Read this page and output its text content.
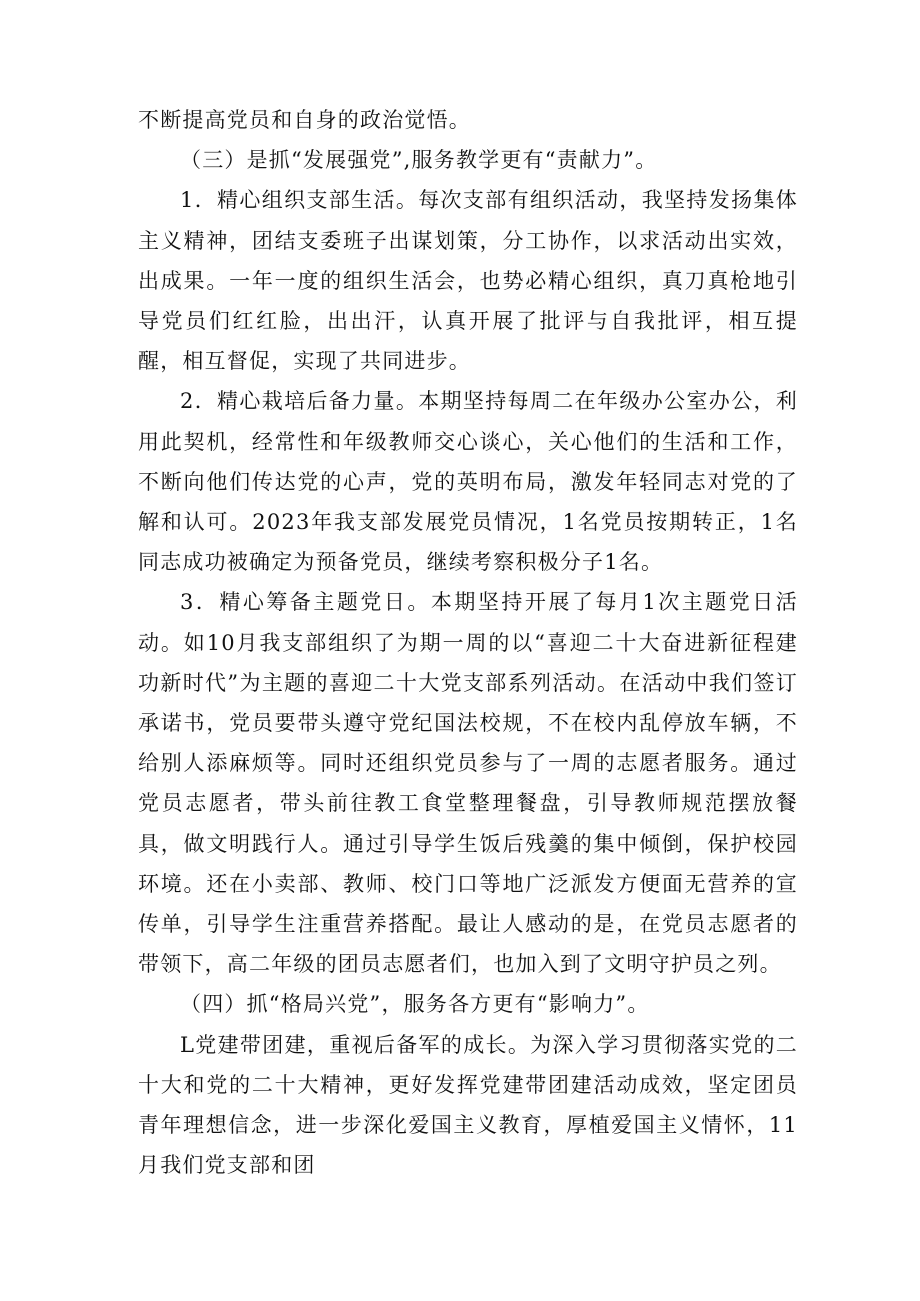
不断提高党员和自身的政治觉悟。

（三）是抓“发展强党”,服务教学更有“责献力”。

1．精心组织支部生活。每次支部有组织活动，我坚持发扬集体主义精神，团结支委班子出谋划策，分工协作，以求活动出实效，出成果。一年一度的组织生活会，也势必精心组织，真刀真枪地引导党员们红红脸，出出汗，认真开展了批评与自我批评，相互提醒，相互督促，实现了共同进步。

2．精心栽培后备力量。本期坚持每周二在年级办公室办公，利用此契机，经常性和年级教师交心谈心，关心他们的生活和工作，不断向他们传达党的心声，党的英明布局，激发年轻同志对党的了解和认可。2023年我支部发展党员情况，1名党员按期转正，1名同志成功被确定为预备党员，继续考察积极分子1名。

3．精心筹备主题党日。本期坚持开展了每月1次主题党日活动。如10月我支部组织了为期一周的以“喜迎二十大奋进新征程建功新时代”为主题的喜迎二十大党支部系列活动。在活动中我们签订承诺书，党员要带头遵守党纪国法校规，不在校内乱停放车辆，不给别人添麻烦等。同时还组织党员参与了一周的志愿者服务。通过党员志愿者，带头前往教工食堂整理餐盘，引导教师规范摆放餐具，做文明践行人。通过引导学生饭后残羹的集中倾倒，保护校园环境。还在小卖部、教师、校门口等地广泛派发方便面无营养的宣传单，引导学生注重营养搭配。最让人感动的是，在党员志愿者的带领下，高二年级的团员志愿者们，也加入到了文明守护员之列。

（四）抓“格局兴党”，服务各方更有“影响力”。

L党建带团建，重视后备军的成长。为深入学习贯彻落实党的二十大和党的二十大精神，更好发挥党建带团建活动成效，坚定团员青年理想信念，进一步深化爱国主义教育，厚植爱国主义情怀，11月我们党支部和团
